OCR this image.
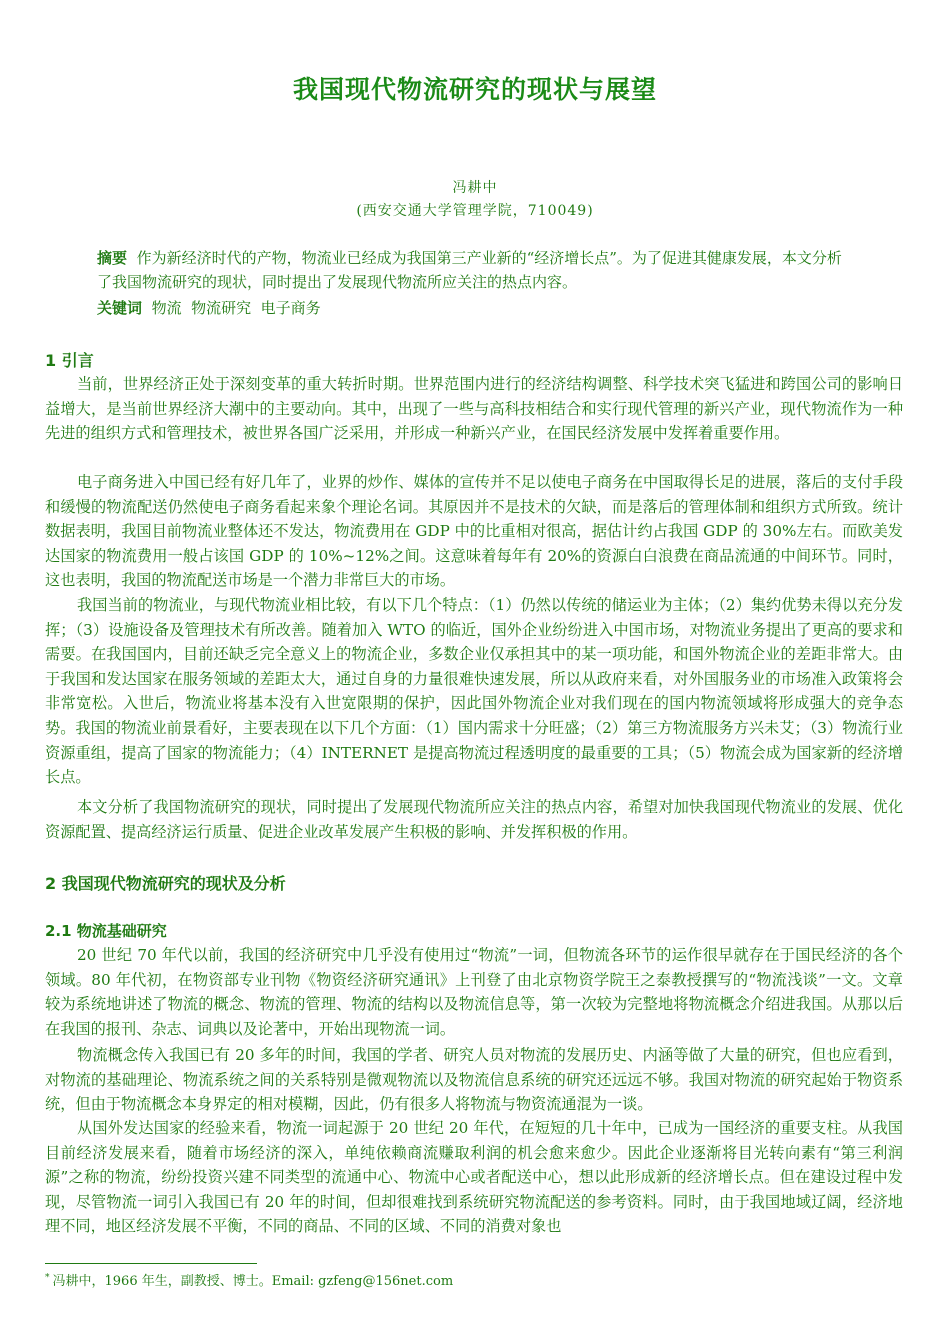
我国现代物流研究的现状与展望
冯耕中
(西安交通大学管理学院，710049)
摘要 作为新经济时代的产物，物流业已经成为我国第三产业新的“经济增长点”。为了促进其健康发展，本文分析了我国物流研究的现状，同时提出了发展现代物流所应关注的热点内容。
关键词 物流  物流研究  电子商务
1 引言

当前，世界经济正处于深刻变革的重大转折时期。世界范围内进行的经济结构调整、科学技术突飞猛进和跨国公司的影响日益增大，是当前世界经济大潮中的主要动向。其中，出现了一些与高科技相结合和实行现代管理的新兴产业，现代物流作为一种先进的组织方式和管理技术，被世界各国广泛采用，并形成一种新兴产业，在国民经济发展中发挥着重要作用。

电子商务进入中国已经有好几年了，业界的炒作、媒体的宣传并不足以使电子商务在中国取得长足的进展，落后的支付手段和缓慢的物流配送仍然使电子商务看起来象个理论名词。其原因并不是技术的欠缺，而是落后的管理体制和组织方式所致。统计数据表明，我国目前物流业整体还不发达，物流费用在 GDP 中的比重相对很高，据估计约占我国 GDP 的 30%左右。而欧美发达国家的物流费用一般占该国 GDP 的 10%~12%之间。这意味着每年有 20%的资源白白浪费在商品流通的中间环节。同时，这也表明，我国的物流配送市场是一个潜力非常巨大的市场。

我国当前的物流业，与现代物流业相比较，有以下几个特点：（1）仍然以传统的储运业为主体；（2）集约优势未得以充分发挥；（3）设施设备及管理技术有所改善。随着加入 WTO 的临近，国外企业纷纷进入中国市场，对物流业务提出了更高的要求和需要。在我国国内，目前还缺乏完全意义上的物流企业，多数企业仅承担其中的某一项功能，和国外物流企业的差距非常大。由于我国和发达国家在服务领域的差距太大，通过自身的力量很难快速发展，所以从政府来看，对外国服务业的市场准入政策将会非常宽松。入世后，物流业将基本没有入世宽限期的保护，因此国外物流企业对我们现在的国内物流领域将形成强大的竞争态势。我国的物流业前景看好，主要表现在以下几个方面：（1）国内需求十分旺盛；（2）第三方物流服务方兴未艾；（3）物流行业资源重组，提高了国家的物流能力；（4）INTERNET 是提高物流过程透明度的最重要的工具；（5）物流会成为国家新的经济增长点。

本文分析了我国物流研究的现状，同时提出了发展现代物流所应关注的热点内容，希望对加快我国现代物流业的发展、优化资源配置、提高经济运行质量、促进企业改革发展产生积极的影响、并发挥积极的作用。

2 我国现代物流研究的现状及分析
2.1 物流基础研究

20 世纪 70 年代以前，我国的经济研究中几乎没有使用过“物流”一词，但物流各环节的运作很早就存在于国民经济的各个领域。80 年代初，在物资部专业刊物《物资经济研究通讯》上刊登了由北京物资学院王之泰教授撰写的“物流浅谈”一文。文章较为系统地讲述了物流的概念、物流的管理、物流的结构以及物流信息等，第一次较为完整地将物流概念介绍进我国。从那以后在我国的报刊、杂志、词典以及论著中，开始出现物流一词。

物流概念传入我国已有 20 多年的时间，我国的学者、研究人员对物流的发展历史、内涵等做了大量的研究，但也应看到，对物流的基础理论、物流系统之间的关系特别是微观物流以及物流信息系统的研究还远远不够。我国对物流的研究起始于物资系统，但由于物流概念本身界定的相对模糊，因此，仍有很多人将物流与物资流通混为一谈。

从国外发达国家的经验来看，物流一词起源于 20 世纪 20 年代，在短短的几十年中，已成为一国经济的重要支柱。从我国目前经济发展来看，随着市场经济的深入，单纯依赖商流赚取利润的机会愈来愈少。因此企业逐渐将目光转向素有“第三利润源”之称的物流，纷纷投资兴建不同类型的流通中心、物流中心或者配送中心，想以此形成新的经济增长点。但在建设过程中发现，尽管物流一词引入我国已有 20 年的时间，但却很难找到系统研究物流配送的参考资料。同时，由于我国地域辽阔，经济地理不同，地区经济发展不平衡，不同的商品、不同的区域、不同的消费对象也

* 冯耕中，1966 年生，副教授、博士。Email: gzfeng@156net.com
